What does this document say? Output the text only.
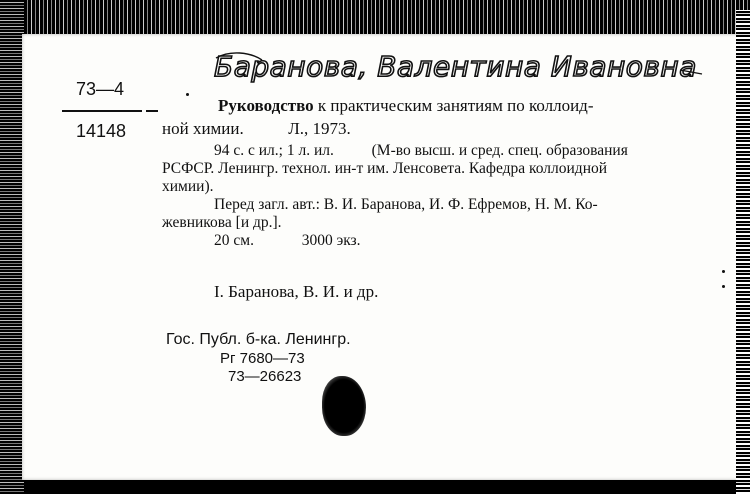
Баранова, Валентина Ивановна
73—4
14148
Руководство к практическим занятиям по коллоид-
ной химии.	Л., 1973.
94 с. с ил.; 1 л. ил. (М-во высш. и сред. спец. образования
РСФСР. Ленингр. технол. ин-т им. Ленсовета. Кафедра коллоидной
химии).
Перед загл. авт.: В. И. Баранова, И. Ф. Ефремов, Н. М. Ко-
жевникова [и др.].
20 см.	3000 экз.
I. Баранова, В. И. и др.
Гос. Публ. б-ка. Ленингр.
Рг 7680—73
73—26623
